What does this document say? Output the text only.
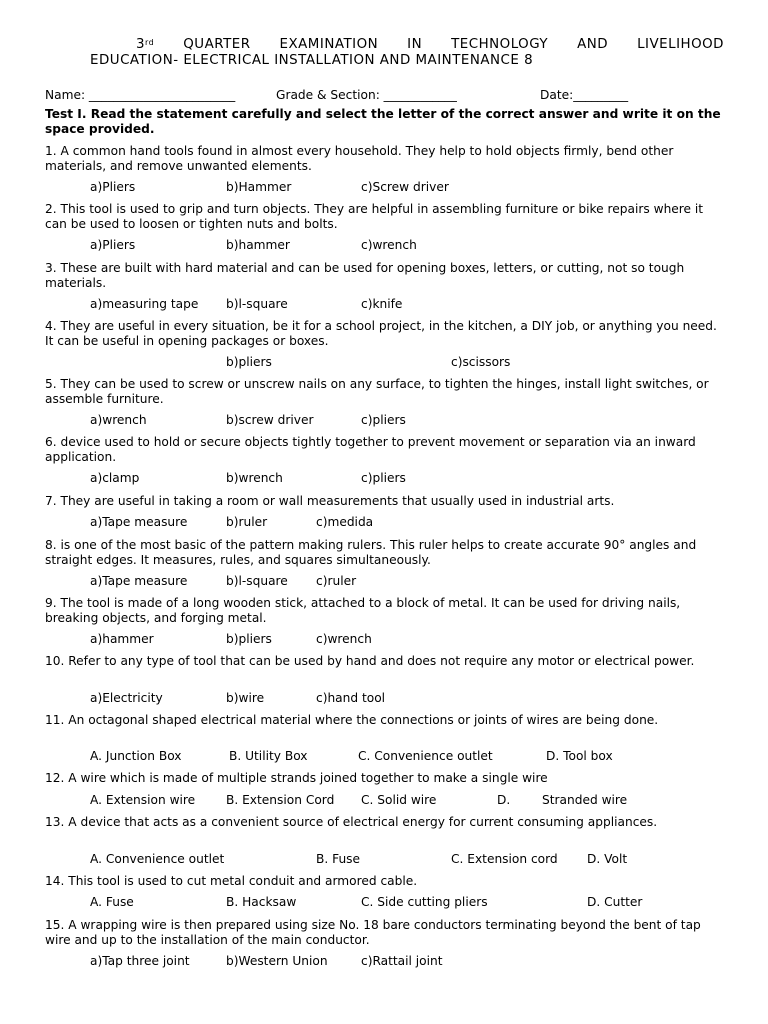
3rd QUARTER EXAMINATION IN TECHNOLOGY AND LIVELIHOOD
EDUCATION- ELECTRICAL INSTALLATION AND MAINTENANCE 8

Name: ________________________

	Grade & Section: ____________

	Date:_________

Test I. Read the statement carefully and select the letter of the correct answer and write it on the space provided.
1. A common hand tools found in almost every household. They help to hold objects firmly, bend other materials, and remove unwanted elements.
a)Pliers	b)Hammer	c)Screw driver
2. This tool is used to grip and turn objects. They are helpful in assembling furniture or bike repairs where it can be used to loosen or tighten nuts and bolts.
a)Pliers	b)hammer	c)wrench
3. These are built with hard material and can be used for opening boxes, letters, or cutting, not so tough materials.
a)measuring tape b)l-square	c)knife
4. They are useful in every situation, be it for a school project, in the kitchen, a DIY job, or anything you need. It can be useful in opening packages or boxes.
b)pliers	c)scissors
5. They can be used to screw or unscrew nails on any surface, to tighten the hinges, install light switches, or assemble furniture.
a)wrench	b)screw driver	c)pliers
6. device used to hold or secure objects tightly together to prevent movement or separation via an inward application.
a)clamp	b)wrench	c)pliers
7. They are useful in taking a room or wall measurements that usually used in industrial arts.
a)Tape measure	b)ruler	c)medida
8. is one of the most basic of the pattern making rulers. This ruler helps to create accurate 90° angles and straight edges. It measures, rules, and squares simultaneously.
a)Tape measure	b)l-square c)ruler
9. The tool is made of a long wooden stick, attached to a block of metal. It can be used for driving nails, breaking objects, and forging metal.
a)hammer	b)pliers	c)wrench
10. Refer to any type of tool that can be used by hand and does not require any motor or electrical power.
a)Electricity	b)wire	c)hand tool
11. An octagonal shaped electrical material where the connections or joints of wires are being done.
A. Junction Box	B. Utility Box	C. Convenience outlet	D. Tool box
12. A wire which is made of multiple strands joined together to make a single wire
A. Extension wire	B. Extension Cord C. Solid wire	D.	Stranded wire
13. A device that acts as a convenient source of electrical energy for current consuming appliances.
A. Convenience outlet	B. Fuse	C. Extension cord D. Volt
14. This tool is used to cut metal conduit and armored cable.
A. Fuse	B. Hacksaw	C. Side cutting pliers	D. Cutter
15. A wrapping wire is then prepared using size No. 18 bare conductors terminating beyond the bent of tap wire and up to the installation of the main conductor.
a)Tap three joint	b)Western Union	c)Rattail joint
